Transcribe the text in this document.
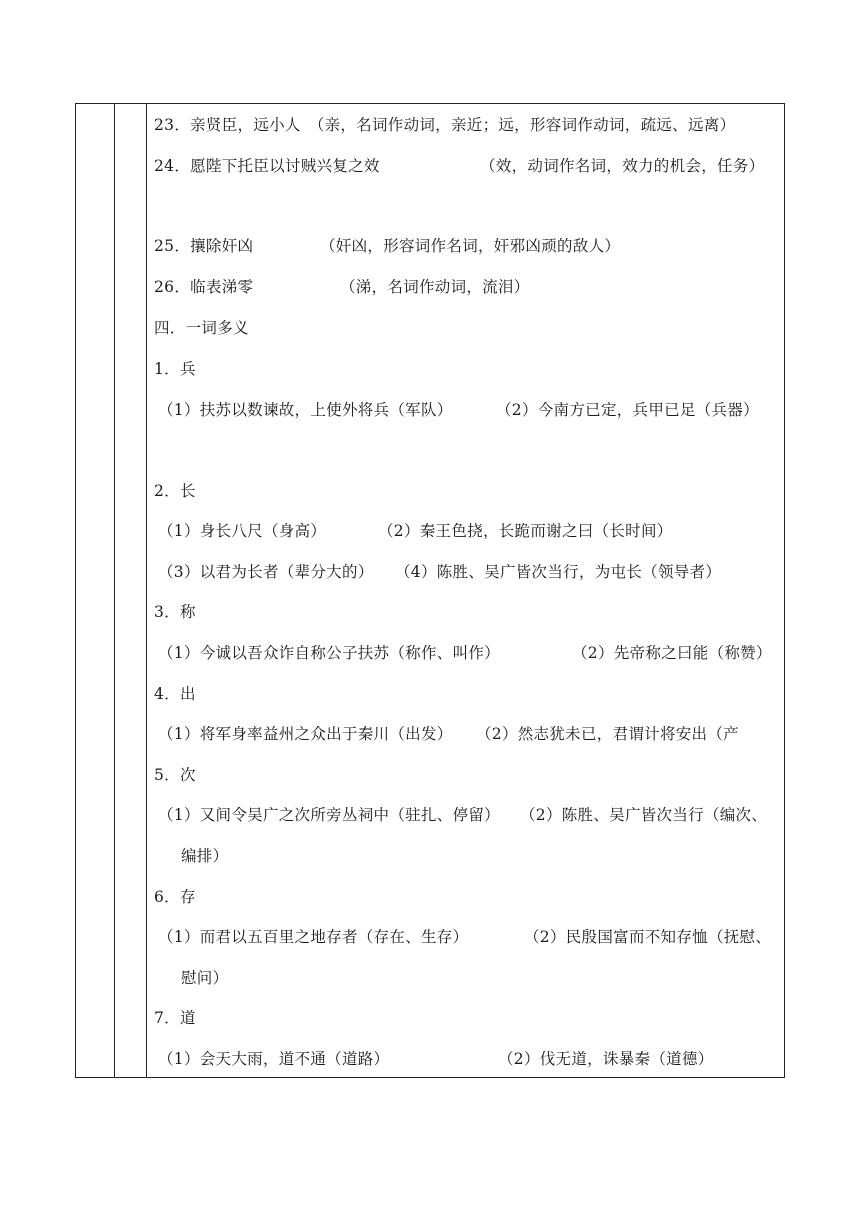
23．亲贤臣，远小人　（亲，名词作动词，亲近；远，形容词作动词，疏远、远离）
24．愿陛下托臣以讨贼兴复之效	（效，动词作名词，效力的机会，任务）
25．攘除奸凶	（奸凶，形容词作名词，奸邪凶顽的敌人）
26．临表涕零	（涕，名词作动词，流泪）
四．一词多义
1．兵
（1）扶苏以数谏故，上使外将兵（军队）	（2）今南方已定，兵甲已足（兵器）
2．长
（1）身长八尺（身高）	（2）秦王色挠，长跪而谢之曰（长时间）
（3）以君为长者（辈分大的） （4）陈胜、吴广皆次当行，为屯长（领导者）
3．称
（1）今诚以吾众诈自称公子扶苏（称作、叫作）	（2）先帝称之曰能（称赞）
4．出
（1）将军身率益州之众出于秦川（出发） （2）然志犹未已，君谓计将安出（产
5．次
（1）又间令吴广之次所旁丛祠中（驻扎、停留） （2）陈胜、吴广皆次当行（编次、
编排）
6．存
（1）而君以五百里之地存者（存在、生存）	（2）民殷国富而不知存恤（抚慰、
慰问）
7．道
（1）会天大雨，道不通（道路）	（2）伐无道，诛暴秦（道德）
